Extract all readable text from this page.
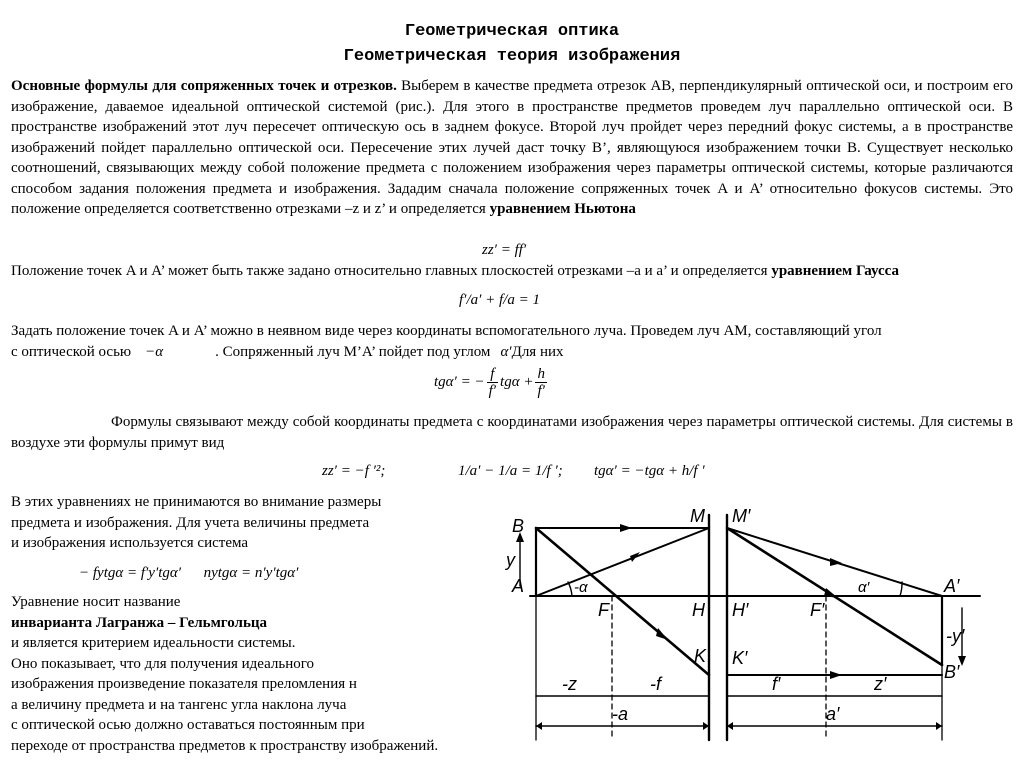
Геометрическая оптика
Геометрическая теория изображения
Основные формулы для сопряженных точек и отрезков. Выберем в качестве предмета отрезок AB, перпендикулярный оптической оси, и построим его изображение, даваемое идеальной оптической системой (рис.). Для этого в пространстве предметов проведем луч параллельно оптической оси. В пространстве изображений этот луч пересечет оптическую ось в заднем фокусе. Второй луч пройдет через передний фокус системы, а в пространстве изображений пойдет параллельно оптической оси. Пересечение этих лучей даст точку B’, являющуюся изображением точки B. Существует несколько соотношений, связывающих между собой положение предмета с положением изображения через параметры оптической системы, которые различаются способом задания положения предмета и изображения. Зададим сначала положение сопряженных точек A и A’ относительно фокусов системы. Это положение определяется соответственно отрезками –z и z’ и определяется уравнением Ньютона
zz′ = ff′
Положение точек A и A’ может быть также задано относительно главных плоскостей отрезками –a и a’ и определяется уравнением Гаусса
f′/a′ + f/a = 1
Задать положение точек A и A’ можно в неявном виде через координаты вспомогательного луча. Проведем луч AM, составляющий угол
с оптической осью −α	. Сопряженный луч M’A’ пойдет под углом α′Для них
tgα′ = − $\frac{f}{f'}$ $tg\alpha + \frac{h}{f'}$
Формулы связывают между собой координаты предмета с координатами изображения через параметры оптической системы. Для системы в воздухе эти формулы примут вид
zz′ = −f ′²;	1/a′ − 1/a = 1/f ′; tgα′ = −tgα + h/f ′
В этих уравнениях не принимаются во внимание размеры
предмета и изображения. Для учета величины предмета
и изображения используется система
− fytgα = f′y′tgα′      nytgα = n′y′tgα′
Уравнение носит название
инварианта Лагранжа – Гельмгольца
и является критерием идеальности системы.
Оно показывает, что для получения идеального
изображения произведение показателя преломления н
а величину предмета и на тангенс угла наклона луча
с оптической осью должно оставаться постоянным при
переходе от пространства предметов к пространству изображений.
B	M M′
y
A	-α	α′	A′
F	H H′	F′
-y′
K K′
B′
-z	-f	f′	z′
-a	a′
